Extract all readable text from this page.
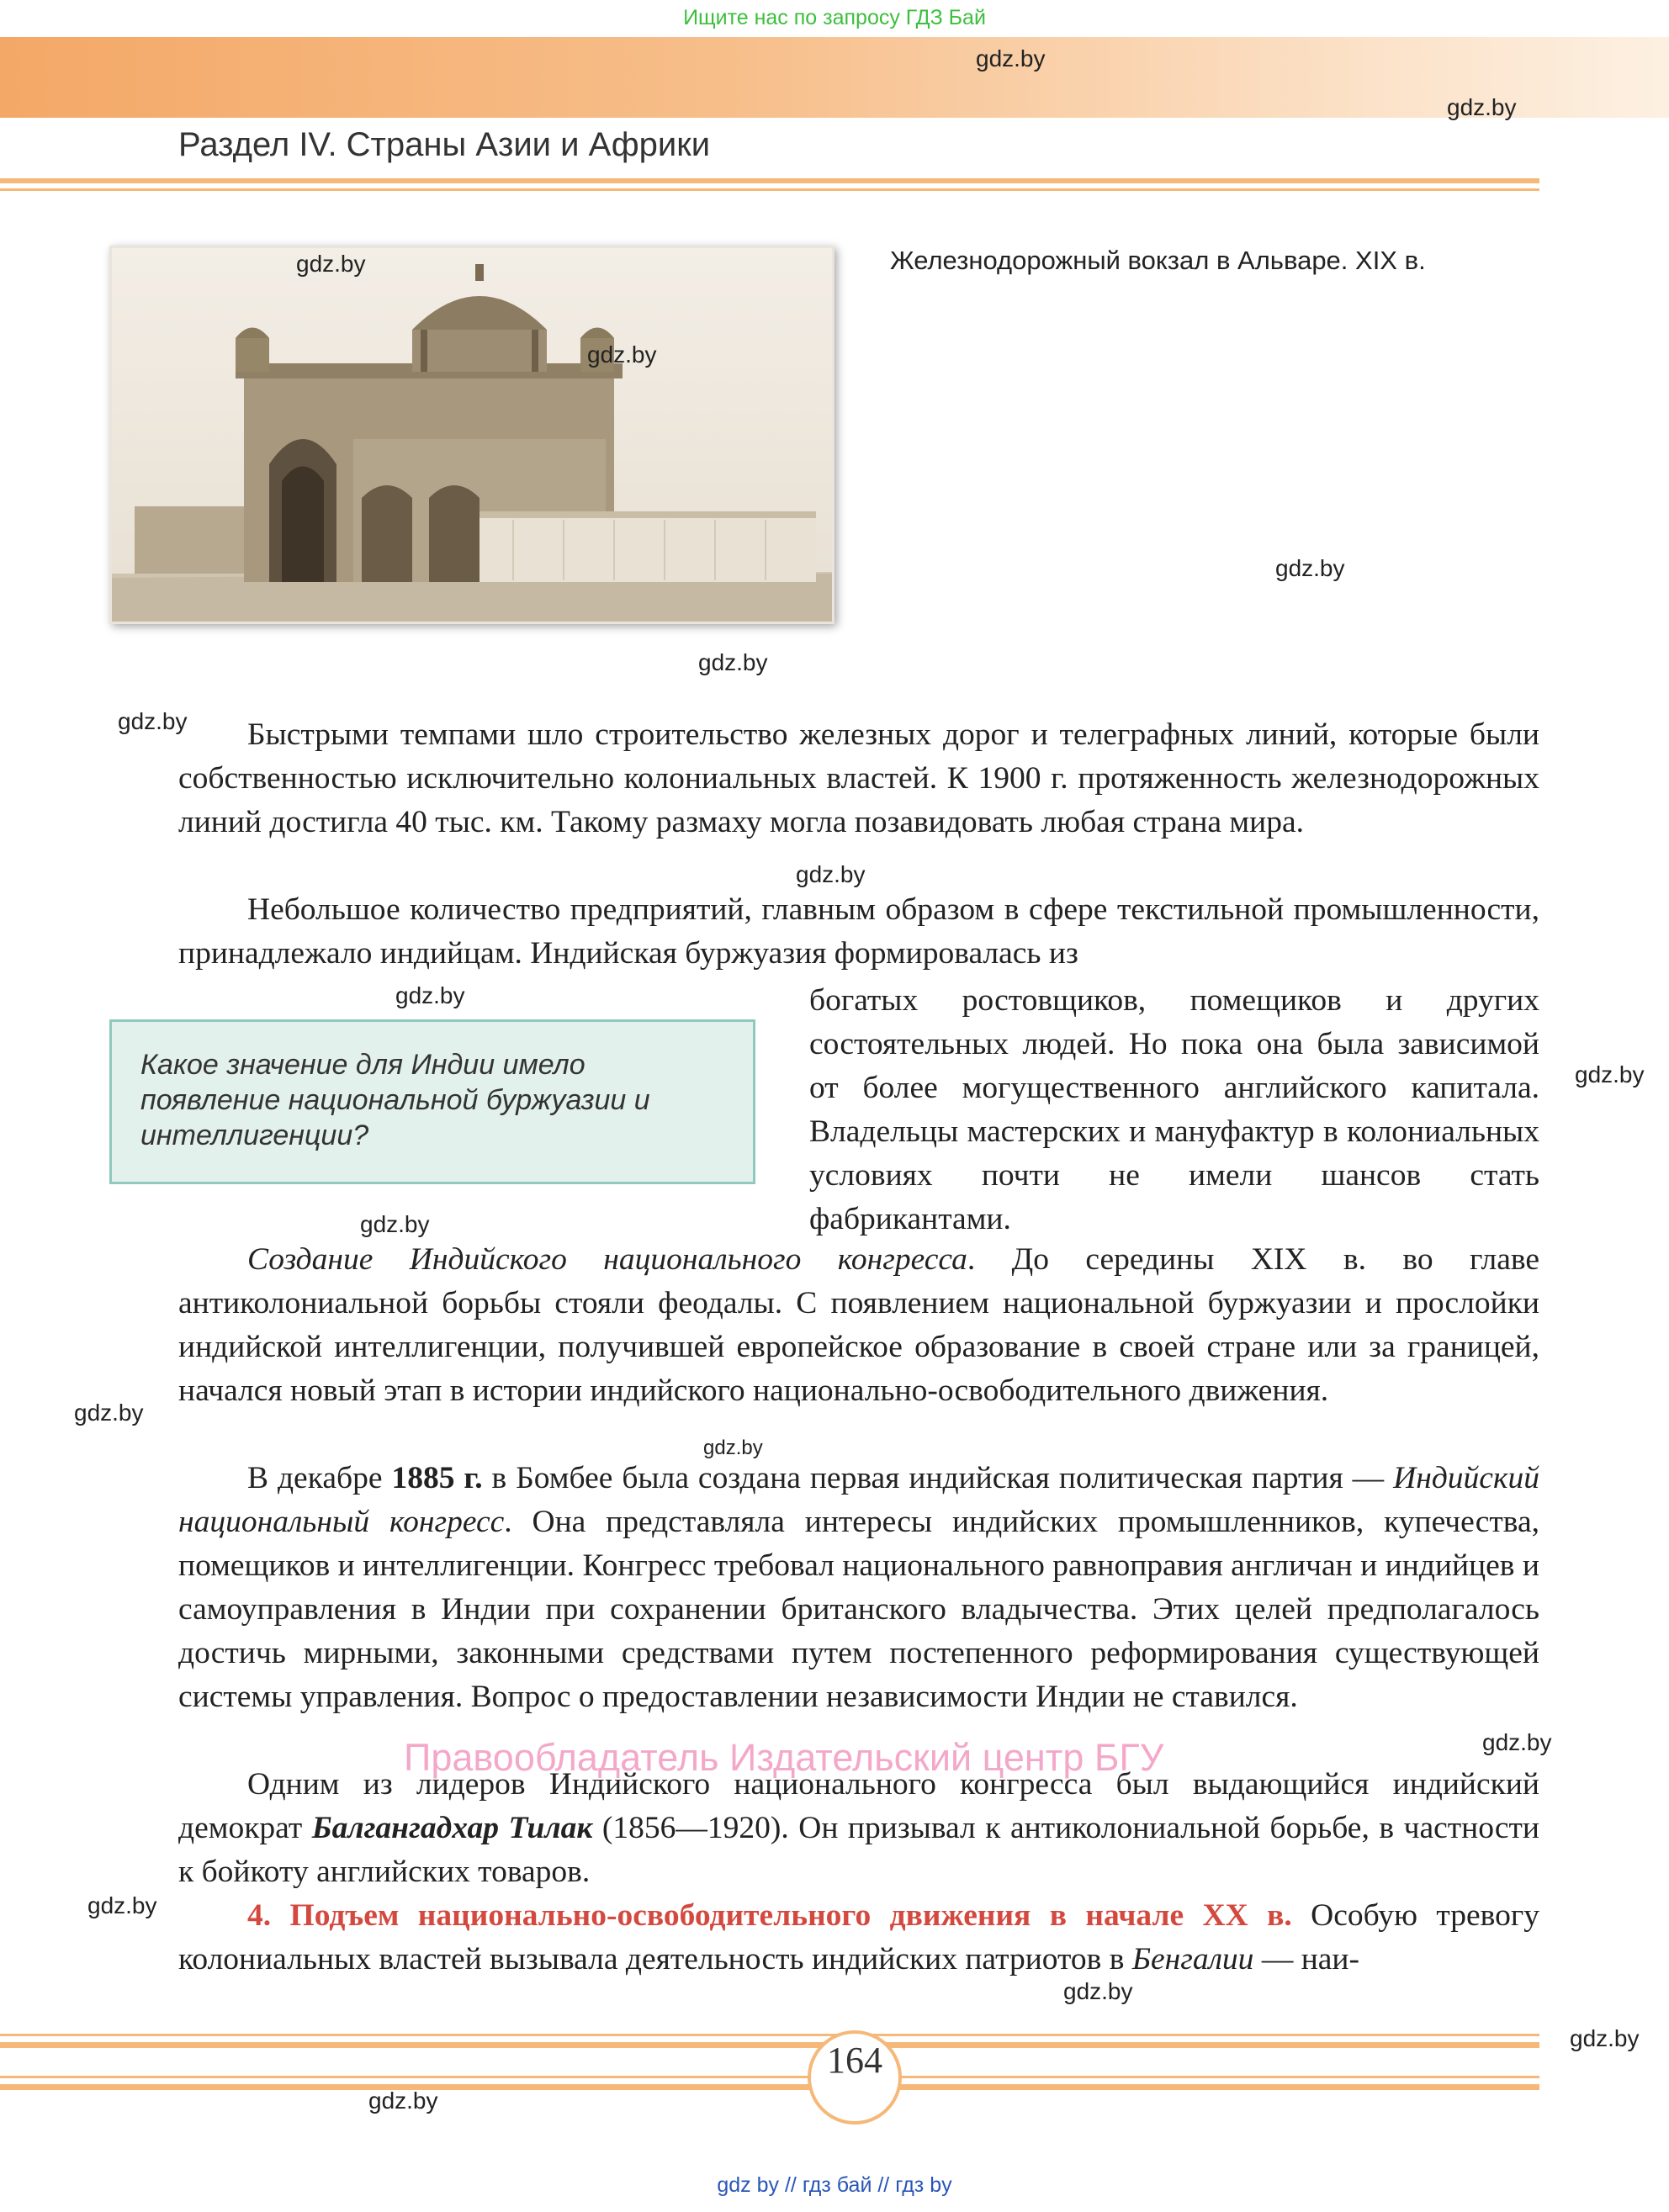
Ищите нас по запросу ГДЗ Бай
Раздел IV. Страны Азии и Африки
Железнодорожный вокзал в Альваре. XIX в.

Быстрыми темпами шло строительство железных дорог и телеграфных линий, которые были собственностью исключительно колониальных властей. К 1900 г. протяженность железнодорожных линий достигла 40 тыс. км. Такому размаху могла позавидовать любая страна мира.

Небольшое количество предприятий, главным образом в сфере текстильной промышленности, принадлежало индийцам. Индийская буржуазия формировалась из

Какое значение для Индии имело появление национальной буржуазии и интеллигенции?
богатых ростовщиков, помещиков и других состоятельных людей. Но пока она была зависимой от более могущественного английского капитала. Владельцы мастерских и мануфактур в колониальных условиях почти не имели шансов стать фабрикантами.

Создание Индийского национального конгресса. До середины XIX в. во главе антиколониальной борьбы стояли феодалы. С появлением национальной буржуазии и прослойки индийской интеллигенции, получившей европейское образование в своей стране или за границей, начался новый этап в истории индийского национально-освободительного движения.

В декабре 1885 г. в Бомбее была создана первая индийская политическая партия — Индийский национальный конгресс. Она представляла интересы индийских промышленников, купечества, помещиков и интеллигенции. Конгресс требовал национального равноправия англичан и индийцев и самоуправления в Индии при сохранении британского владычества. Этих целей предполагалось достичь мирными, законными средствами путем постепенного реформирования существующей системы управления. Вопрос о предоставлении независимости Индии не ставился.

Одним из лидеров Индийского национального конгресса был выдающийся индийский демократ Балгангадхар Тилак (1856—1920). Он призывал к антиколониальной борьбе, в частности к бойкоту английских товаров.

4. Подъем национально-освободительного движения в начале XX в. Особую тревогу колониальных властей вызывала деятельность индийских патриотов в Бенгалии — наи-

164
Правообладатель Издательский центр БГУ
gdz.by
gdz.by
gdz.by
gdz.by
gdz.by
gdz.by
gdz.by
gdz.by
gdz.by
gdz.by
gdz.by
gdz.by
gdz.by
gdz.by
gdz.by
gdz.by
gdz.by
gdz.by
gdz by // гдз бай // гдз by
